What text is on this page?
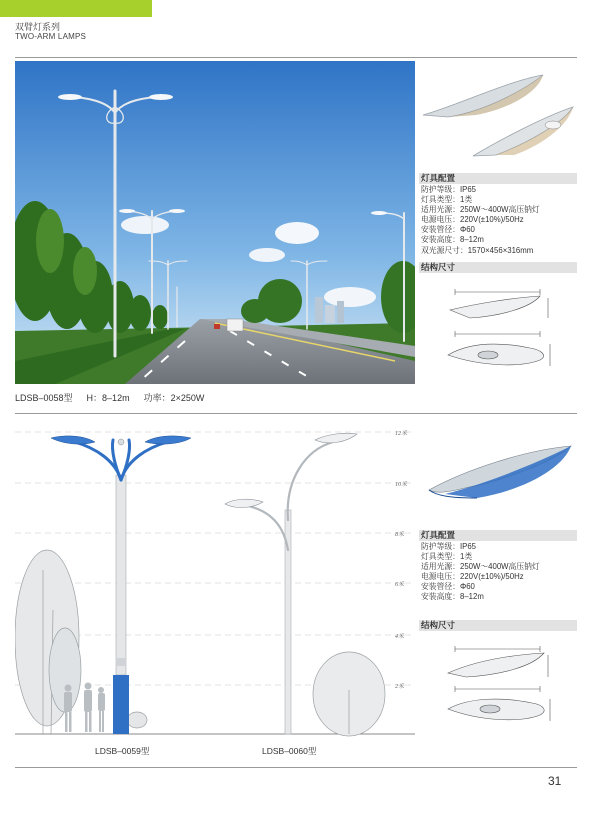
双臂灯系列
TWO-ARM LAMPS
LDSB–0058型 H：8–12m 功率：2×250W
灯具配置
防护等级：IP65
灯具类型：1类
适用光源：250W～400W高压钠灯
电源电压：220V(±10%)/50Hz
安装管径：Φ60
安装高度：8–12m
双光源尺寸：1570×456×316mm
结构尺寸
12米
10米
8米
6米
4米
2米
LDSB–0059型	LDSB–0060型
灯具配置
防护等级：IP65
灯具类型：1类
适用光源：250W～400W高压钠灯
电源电压：220V(±10%)/50Hz
安装管径：Φ60
安装高度：8–12m
结构尺寸
31
